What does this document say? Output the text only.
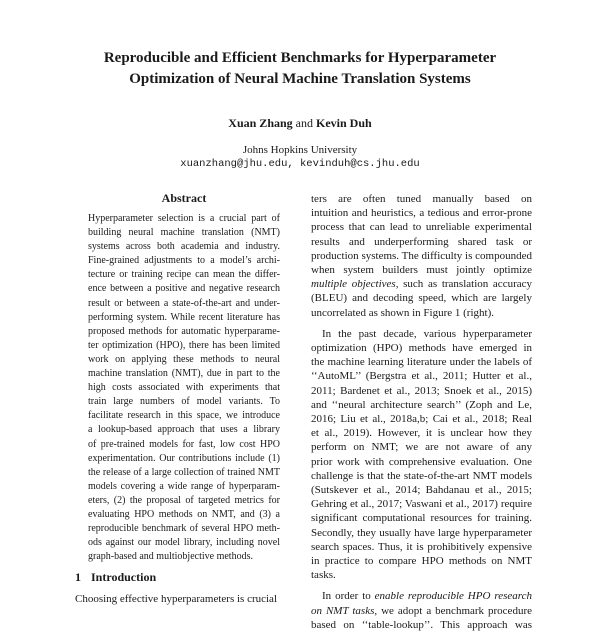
Reproducible and Efficient Benchmarks for Hyperparameter
Optimization of Neural Machine Translation Systems
Xuan Zhang and Kevin Duh
Johns Hopkins University
xuanzhang@jhu.edu, kevinduh@cs.jhu.edu
Abstract
Hyperparameter selection is a crucial part of
building neural machine translation (NMT)
systems across both academia and industry.
Fine-grained adjustments to a model’s archi-
tecture or training recipe can mean the differ-
ence between a positive and negative research
result or between a state-of-the-art and under-
performing system. While recent literature has
proposed methods for automatic hyperparame-
ter optimization (HPO), there has been limited
work on applying these methods to neural
machine translation (NMT), due in part to the
high costs associated with experiments that
train large numbers of model variants. To
facilitate research in this space, we introduce
a lookup-based approach that uses a library
of pre-trained models for fast, low cost HPO
experimentation. Our contributions include (1)
the release of a large collection of trained NMT
models covering a wide range of hyperparam-
eters, (2) the proposal of targeted metrics for
evaluating HPO methods on NMT, and (3) a
reproducible benchmark of several HPO meth-
ods against our model library, including novel
graph-based and multiobjective methods.
1 Introduction
Choosing effective hyperparameters is crucial
ters are often tuned manually based on
intuition and heuristics, a tedious and error-prone
process that can lead to unreliable experimental
results and underperforming shared task or
production systems. The difficulty is compounded
when system builders must jointly optimize
multiple objectives, such as translation accuracy
(BLEU) and decoding speed, which are largely
uncorrelated as shown in Figure 1 (right).
In the past decade, various hyperparameter
optimization (HPO) methods have emerged in
the machine learning literature under the labels of
‘‘AutoML’’ (Bergstra et al., 2011; Hutter et al.,
2011; Bardenet et al., 2013; Snoek et al., 2015)
and ‘‘neural architecture search’’ (Zoph and Le,
2016; Liu et al., 2018a,b; Cai et al., 2018; Real
et al., 2019). However, it is unclear how they
perform on NMT; we are not aware of any
prior work with comprehensive evaluation. One
challenge is that the state-of-the-art NMT models
(Sutskever et al., 2014; Bahdanau et al., 2015;
Gehring et al., 2017; Vaswani et al., 2017) require
significant computational resources for training.
Secondly, they usually have large hyperparameter
search spaces. Thus, it is prohibitively expensive
in practice to compare HPO methods on NMT
tasks.
In order to enable reproducible HPO research
on NMT tasks, we adopt a benchmark procedure
based on ‘‘table-lookup’’. This approach was
